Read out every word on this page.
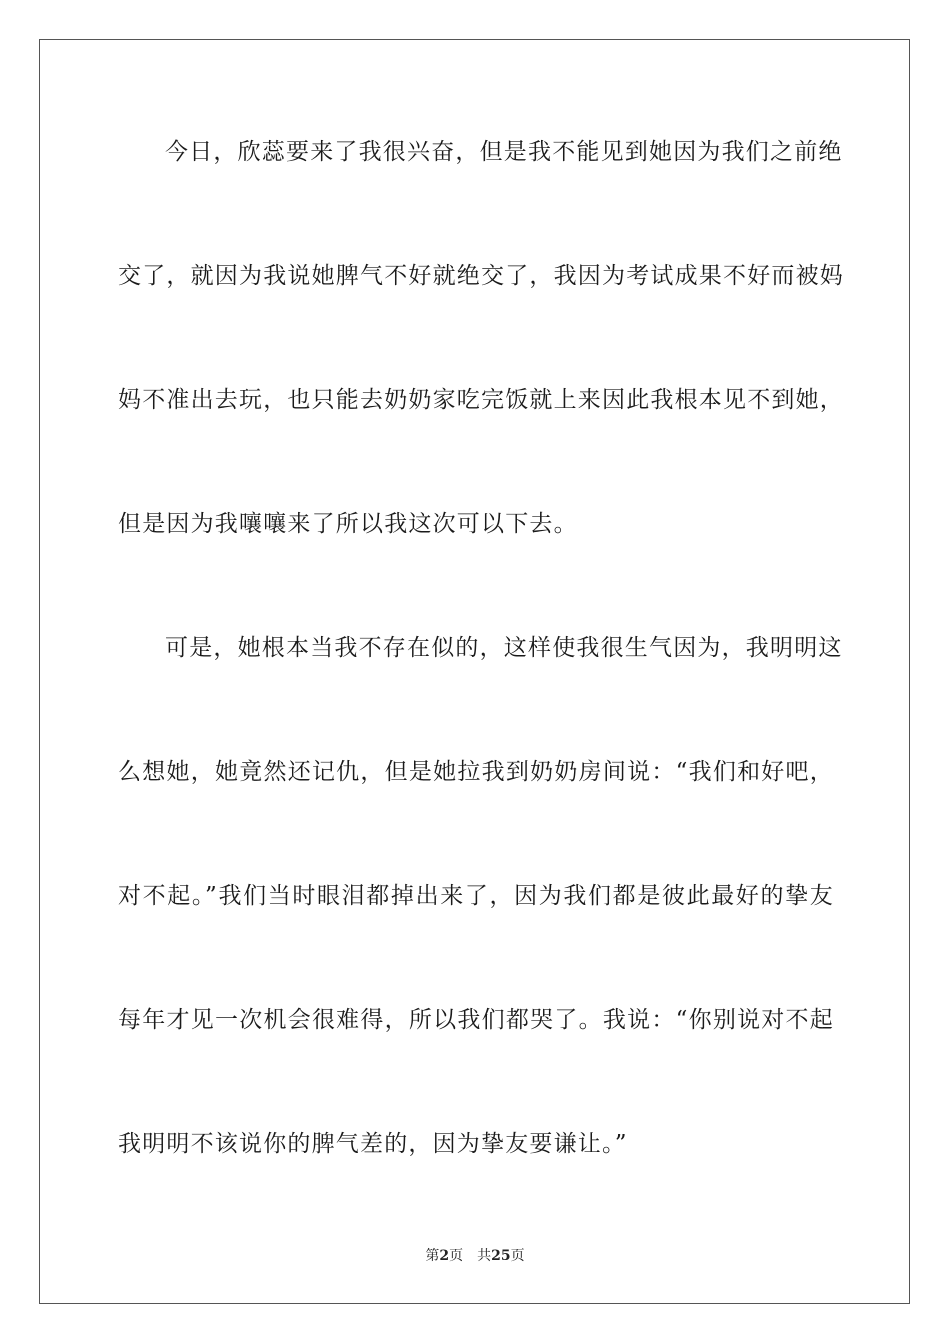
今日，欣蕊要来了我很兴奋，但是我不能见到她因为我们之前绝
交了，就因为我说她脾气不好就绝交了，我因为考试成果不好而被妈
妈不准出去玩，也只能去奶奶家吃完饭就上来因此我根本见不到她，
但是因为我嚷嚷来了所以我这次可以下去。
可是，她根本当我不存在似的，这样使我很生气因为，我明明这
么想她，她竟然还记仇，但是她拉我到奶奶房间说：“我们和好吧，
对不起。”我们当时眼泪都掉出来了，因为我们都是彼此最好的挚友
每年才见一次机会很难得，所以我们都哭了。我说：“你别说对不起
我明明不该说你的脾气差的，因为挚友要谦让。”
第2页 共25页
